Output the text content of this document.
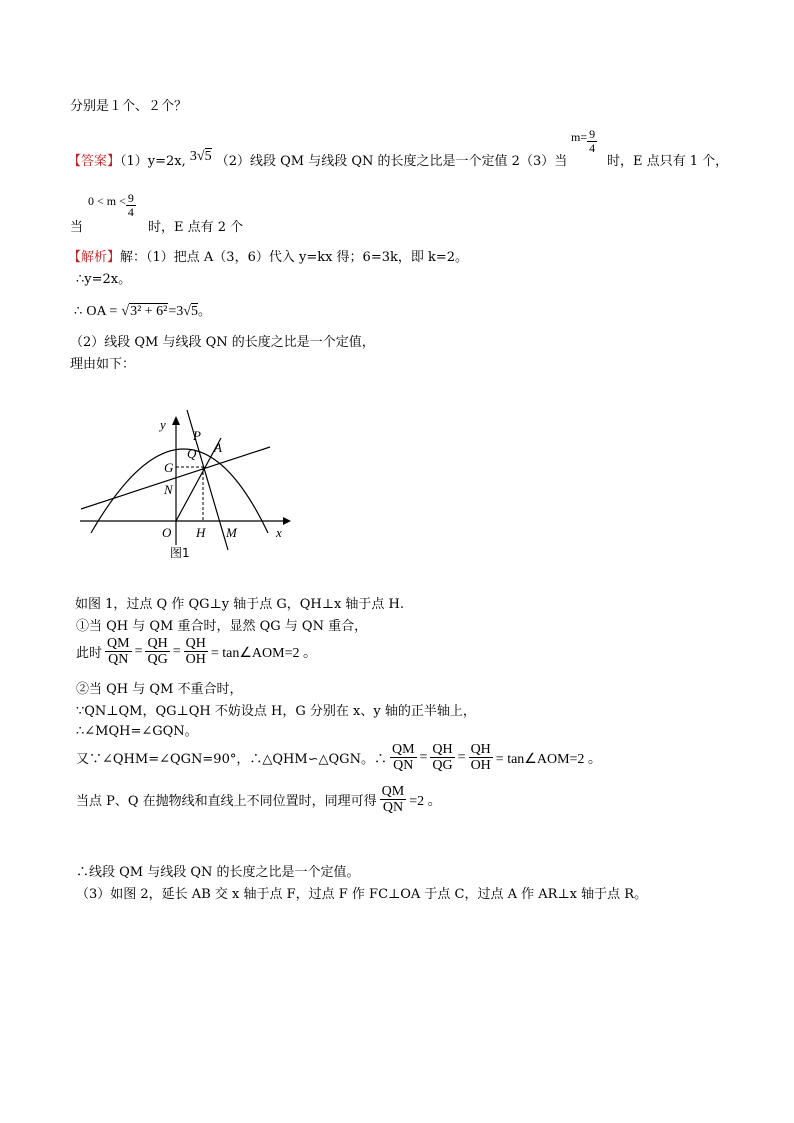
分别是１个、２个？
【答案】（1）y=2x, 3√5 （2）线段 QM 与线段 QN 的长度之比是一个定值 2（3）当
$m= \frac{9}{4}$
时，E 点只有 1 个，
$0 < m < \frac{9}{4}$
当	时，E 点有 2 个
【解析】解：（1）把点 A（3，6）代入 y=kx 得；6=3k，即 k=2。
∴y=2x。
∴ OA = √3² + 6²=3√5。
（2）线段 QM 与线段 QN 的长度之比是一个定值，
理由如下：
y
x
P
A
Q
G
N
O H M
图1
如图 1，过点 Q 作 QG⊥y 轴于点 G，QH⊥x 轴于点 H.
①当 QH 与 QM 重合时，显然 QG 与 QN 重合，
此时 $\frac{QM}{QN} = \frac{QH}{QG} = \frac{QH}{OH}$ = tan∠AOM=2 。
②当 QH 与 QM 不重合时，
∵QN⊥QM，QG⊥QH 不妨设点 H，G 分别在 x、y 轴的正半轴上，
∴∠MQH=∠GQN。
又∵∠QHM=∠QGN=90°，∴△QHM∽△QGN。∴ $\frac{QM}{QN} = \frac{QH}{QG} = \frac{QH}{OH}$ = tan∠AOM=2 。
当点 P、Q 在抛物线和直线上不同位置时，同理可得 $\frac{QM}{QN} =2$ 。
∴线段 QM 与线段 QN 的长度之比是一个定值。
（3）如图 2，延长 AB 交 x 轴于点 F，过点 F 作 FC⊥OA 于点 C，过点 A 作 AR⊥x 轴于点 R。
